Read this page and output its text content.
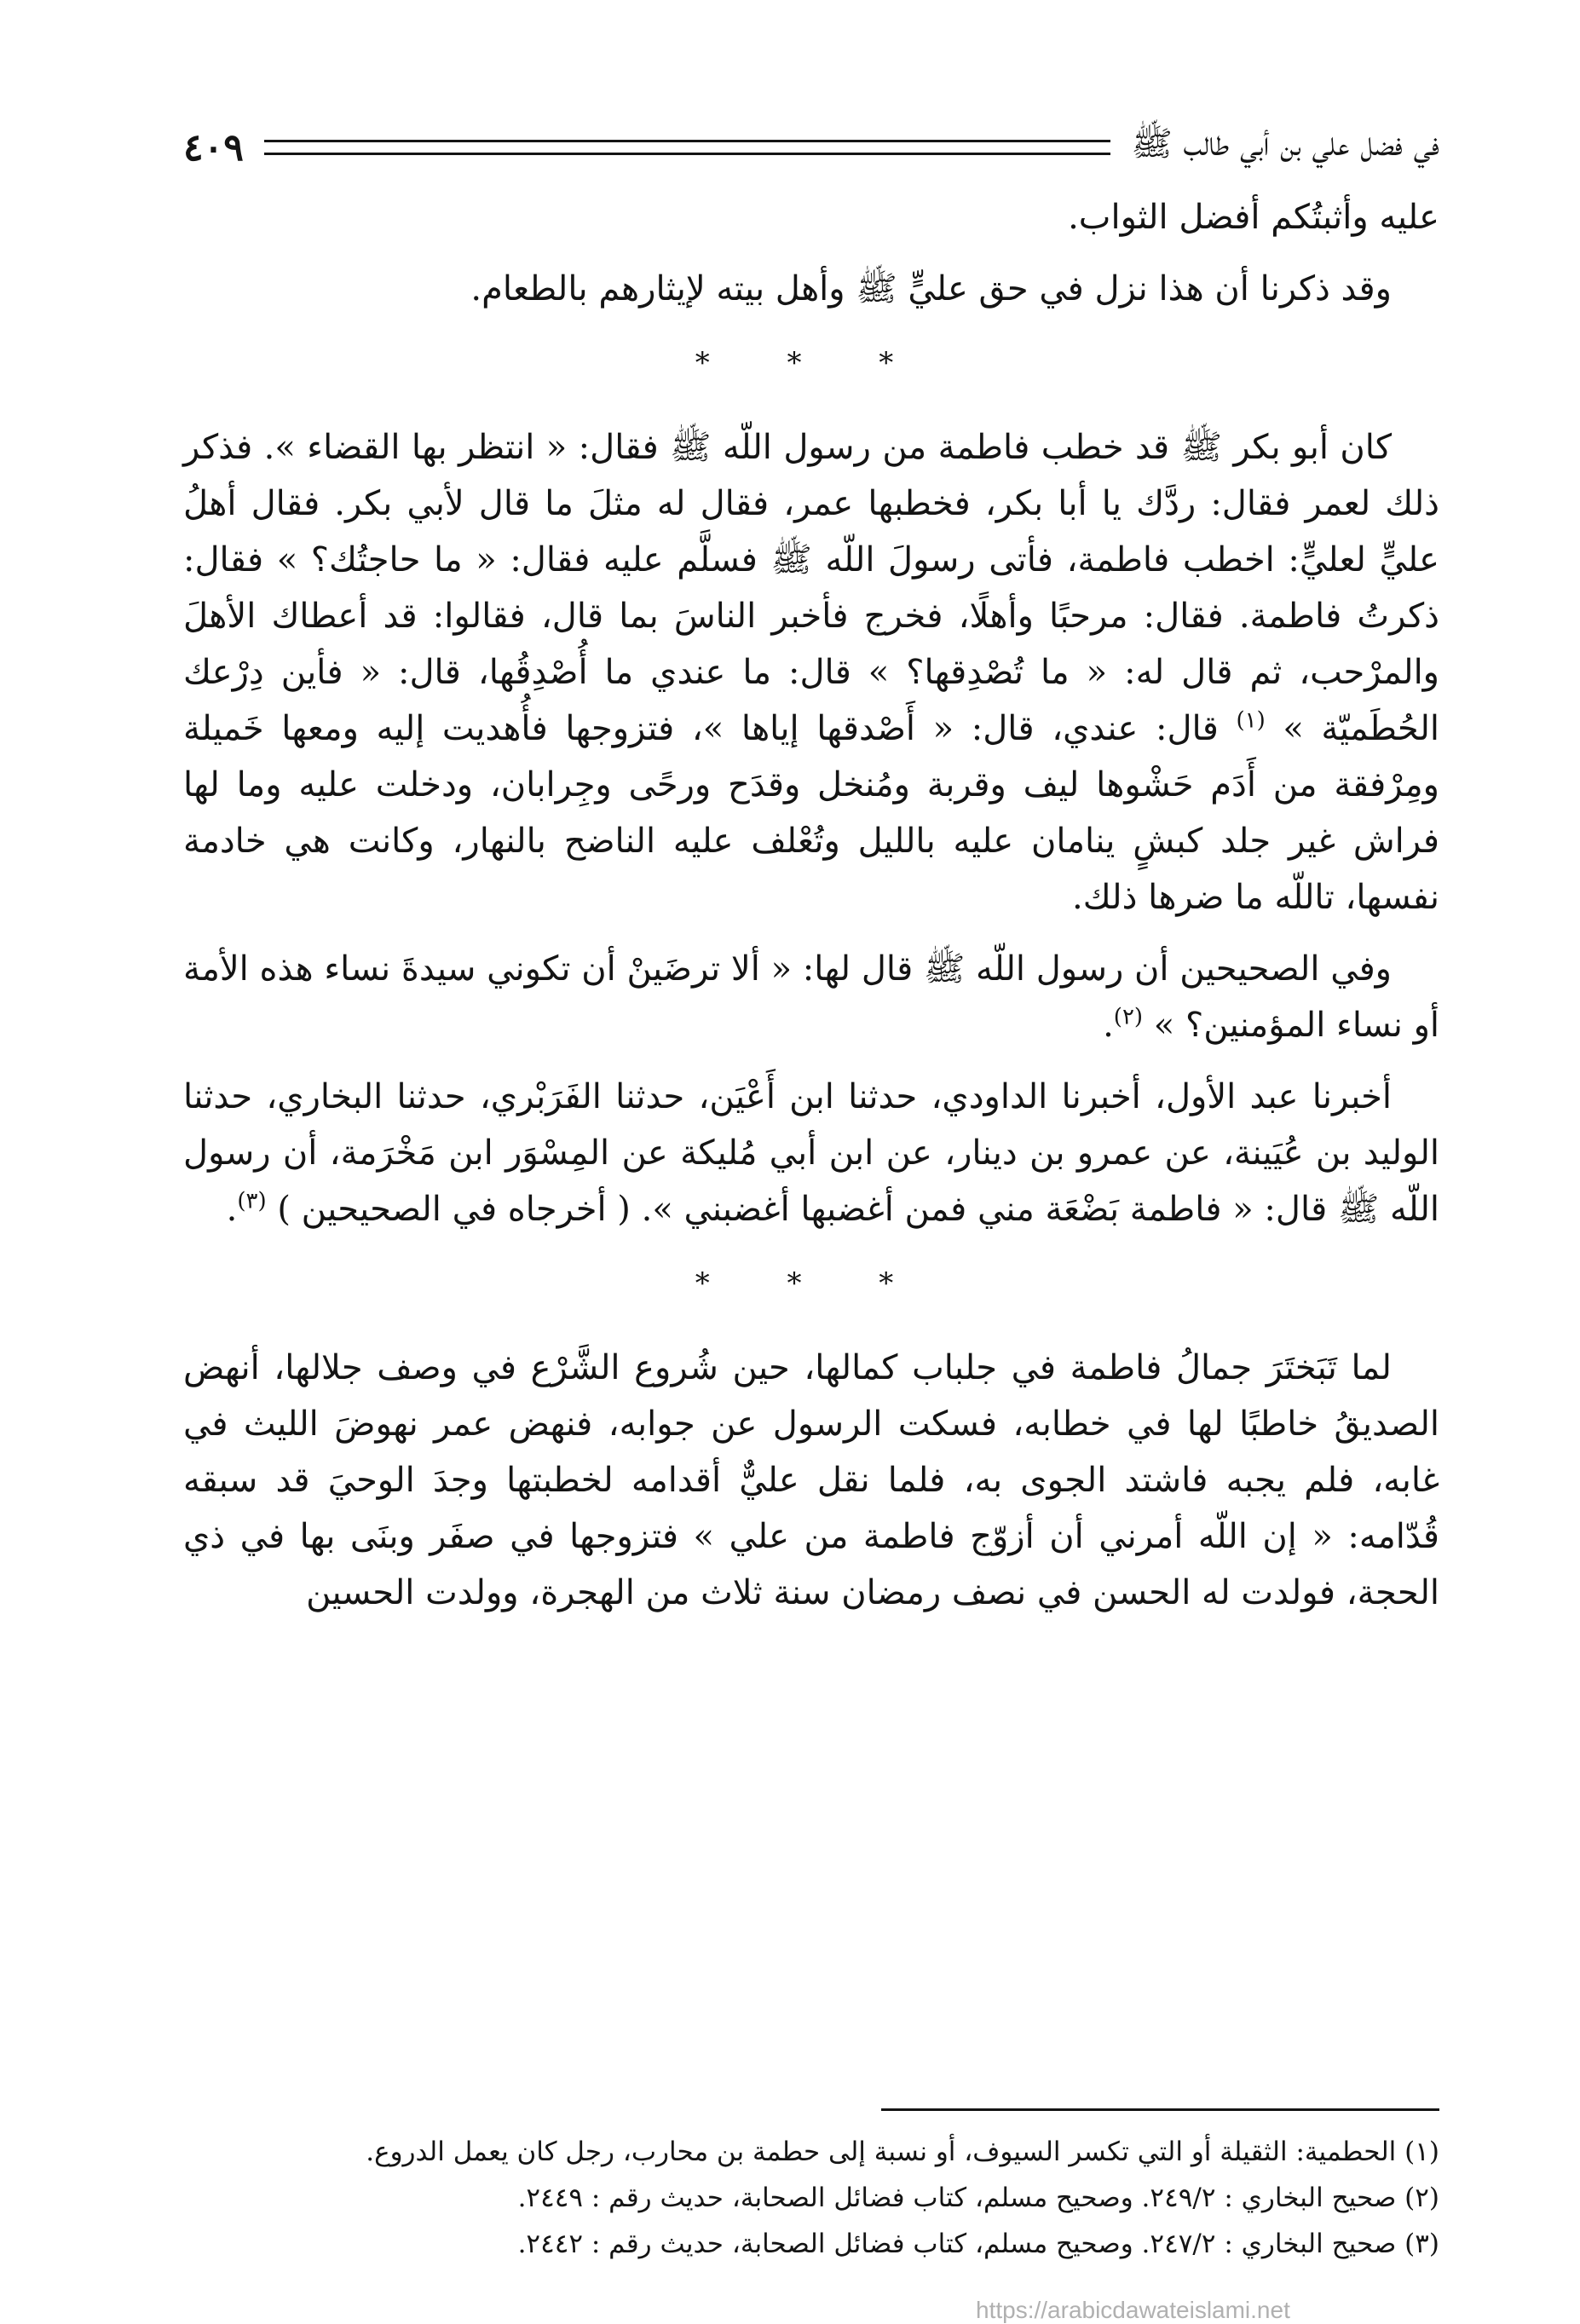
في فضل علي بن أبي طالب ﷺ
٤٠٩

عليه وأثبتُكم أفضل الثواب.

وقد ذكرنا أن هذا نزل في حق عليٍّ ﷺ وأهل بيته لإيثارهم بالطعام.

* * *

كان أبو بكر ﷺ قد خطب فاطمة من رسول اللّه ﷺ فقال: « انتظر بها القضاء ». فذكر ذلك لعمر فقال: ردَّك يا أبا بكر، فخطبها عمر، فقال له مثلَ ما قال لأبي بكر. فقال أهلُ عليٍّ لعليٍّ: اخطب فاطمة، فأتى رسولَ اللّه ﷺ فسلَّم عليه فقال: « ما حاجتُك؟ » فقال: ذكرتُ فاطمة. فقال: مرحبًا وأهلًا، فخرج فأخبر الناسَ بما قال، فقالوا: قد أعطاك الأهلَ والمرْحب، ثم قال له: « ما تُصْدِقها؟ » قال: ما عندي ما أُصْدِقُها، قال: « فأين دِرْعك الحُطَميّة » $^{(١)}$ قال: عندي، قال: « أَصْدقها إياها »، فتزوجها فأُهديت إليه ومعها خَميلة ومِرْفقة من أَدَم حَشْوها ليف وقربة ومُنخل وقدَح ورحًى وجِرابان، ودخلت عليه وما لها فراش غير جلد كبشٍ ينامان عليه بالليل وتُعْلف عليه الناضح بالنهار، وكانت هي خادمة نفسها، تاللّه ما ضرها ذلك.

وفي الصحيحين أن رسول اللّه ﷺ قال لها: « ألا ترضَينْ أن تكوني سيدةَ نساء هذه الأمة أو نساء المؤمنين؟ » $^{(٢)}$.

أخبرنا عبد الأول، أخبرنا الداودي، حدثنا ابن أَعْيَن، حدثنا الفَرَبْري، حدثنا البخاري، حدثنا الوليد بن عُيَينة، عن عمرو بن دينار، عن ابن أبي مُليكة عن المِسْوَر ابن مَخْرَمة، أن رسول اللّه ﷺ قال: « فاطمة بَضْعَة مني فمن أغضبها أغضبني ». ( أخرجاه في الصحيحين ) $^{(٣)}$.

* * *

لما تَبَختَرَ جمالُ فاطمة في جلباب كمالها، حين شُروع الشَّرْع في وصف جلالها، أنهض الصديقُ خاطبًا لها في خطابه، فسكت الرسول عن جوابه، فنهض عمر نهوضَ الليث في غابه، فلم يجبه فاشتد الجوى به، فلما نقل عليٌّ أقدامه لخطبتها وجدَ الوحيَ قد سبقه قُدّامه: « إن اللّه أمرني أن أزوّج فاطمة من علي » فتزوجها في صفَر وبنَى بها في ذي الحجة، فولدت له الحسن في نصف رمضان سنة ثلاث من الهجرة، وولدت الحسين

(١) الحطمية: الثقيلة أو التي تكسر السيوف، أو نسبة إلى حطمة بن محارب، رجل كان يعمل الدروع.

(٢) صحيح البخاري : ٢٤٩/٢. وصحيح مسلم، كتاب فضائل الصحابة، حديث رقم : ٢٤٤٩.

(٣) صحيح البخاري : ٢٤٧/٢. وصحيح مسلم، كتاب فضائل الصحابة، حديث رقم : ٢٤٤٢.

https://arabicdawateislami.net
